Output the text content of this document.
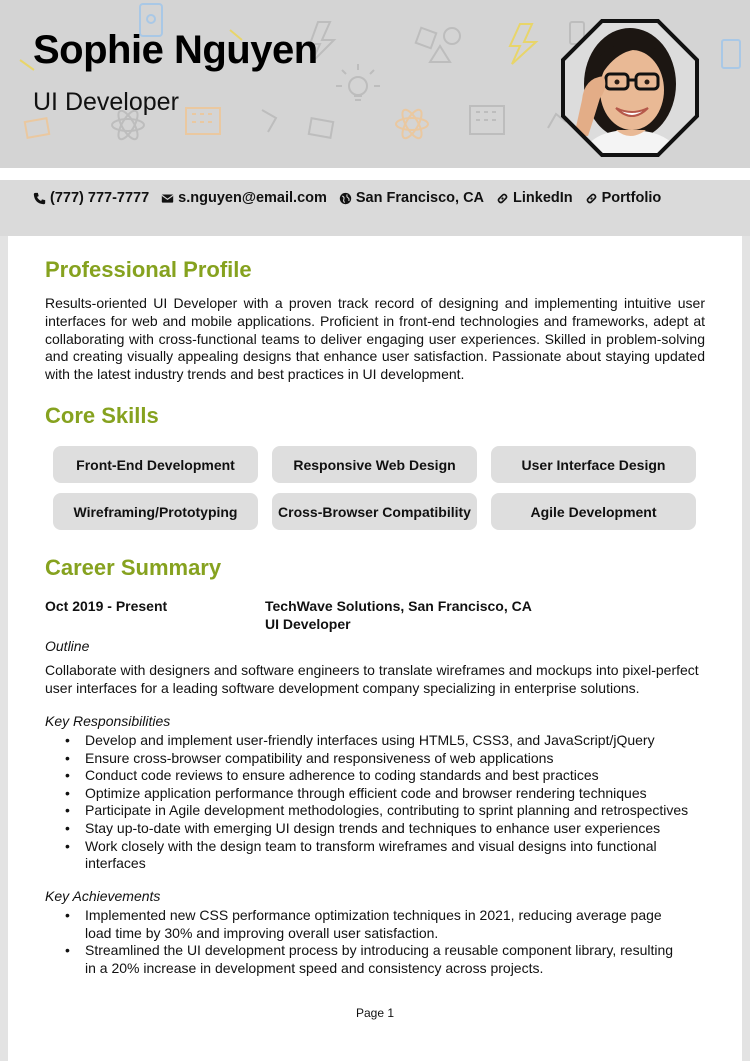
Sophie Nguyen
UI Developer
(777) 777-7777 s.nguyen@email.com San Francisco, CA LinkedIn Portfolio
Professional Profile
Results-oriented UI Developer with a proven track record of designing and implementing intuitive user interfaces for web and mobile applications. Proficient in front-end technologies and frameworks, adept at collaborating with cross-functional teams to deliver engaging user experiences. Skilled in problem-solving and creating visually appealing designs that enhance user satisfaction. Passionate about staying updated with the latest industry trends and best practices in UI development.
Core Skills
Front-End Development	Responsive Web Design	User Interface Design
Wireframing/Prototyping	Cross-Browser Compatibility	Agile Development
Career Summary
Oct 2019 - Present	TechWave Solutions, San Francisco, CA
UI Developer
Outline
Collaborate with designers and software engineers to translate wireframes and mockups into pixel-perfect user interfaces for a leading software development company specializing in enterprise solutions.
Key Responsibilities
• Develop and implement user-friendly interfaces using HTML5, CSS3, and JavaScript/jQuery
• Ensure cross-browser compatibility and responsiveness of web applications
• Conduct code reviews to ensure adherence to coding standards and best practices
• Optimize application performance through efficient code and browser rendering techniques
• Participate in Agile development methodologies, contributing to sprint planning and retrospectives
• Stay up-to-date with emerging UI design trends and techniques to enhance user experiences
• Work closely with the design team to transform wireframes and visual designs into functional interfaces
Key Achievements
• Implemented new CSS performance optimization techniques in 2021, reducing average page load time by 30% and improving overall user satisfaction.
• Streamlined the UI development process by introducing a reusable component library, resulting in a 20% increase in development speed and consistency across projects.
Page 1
